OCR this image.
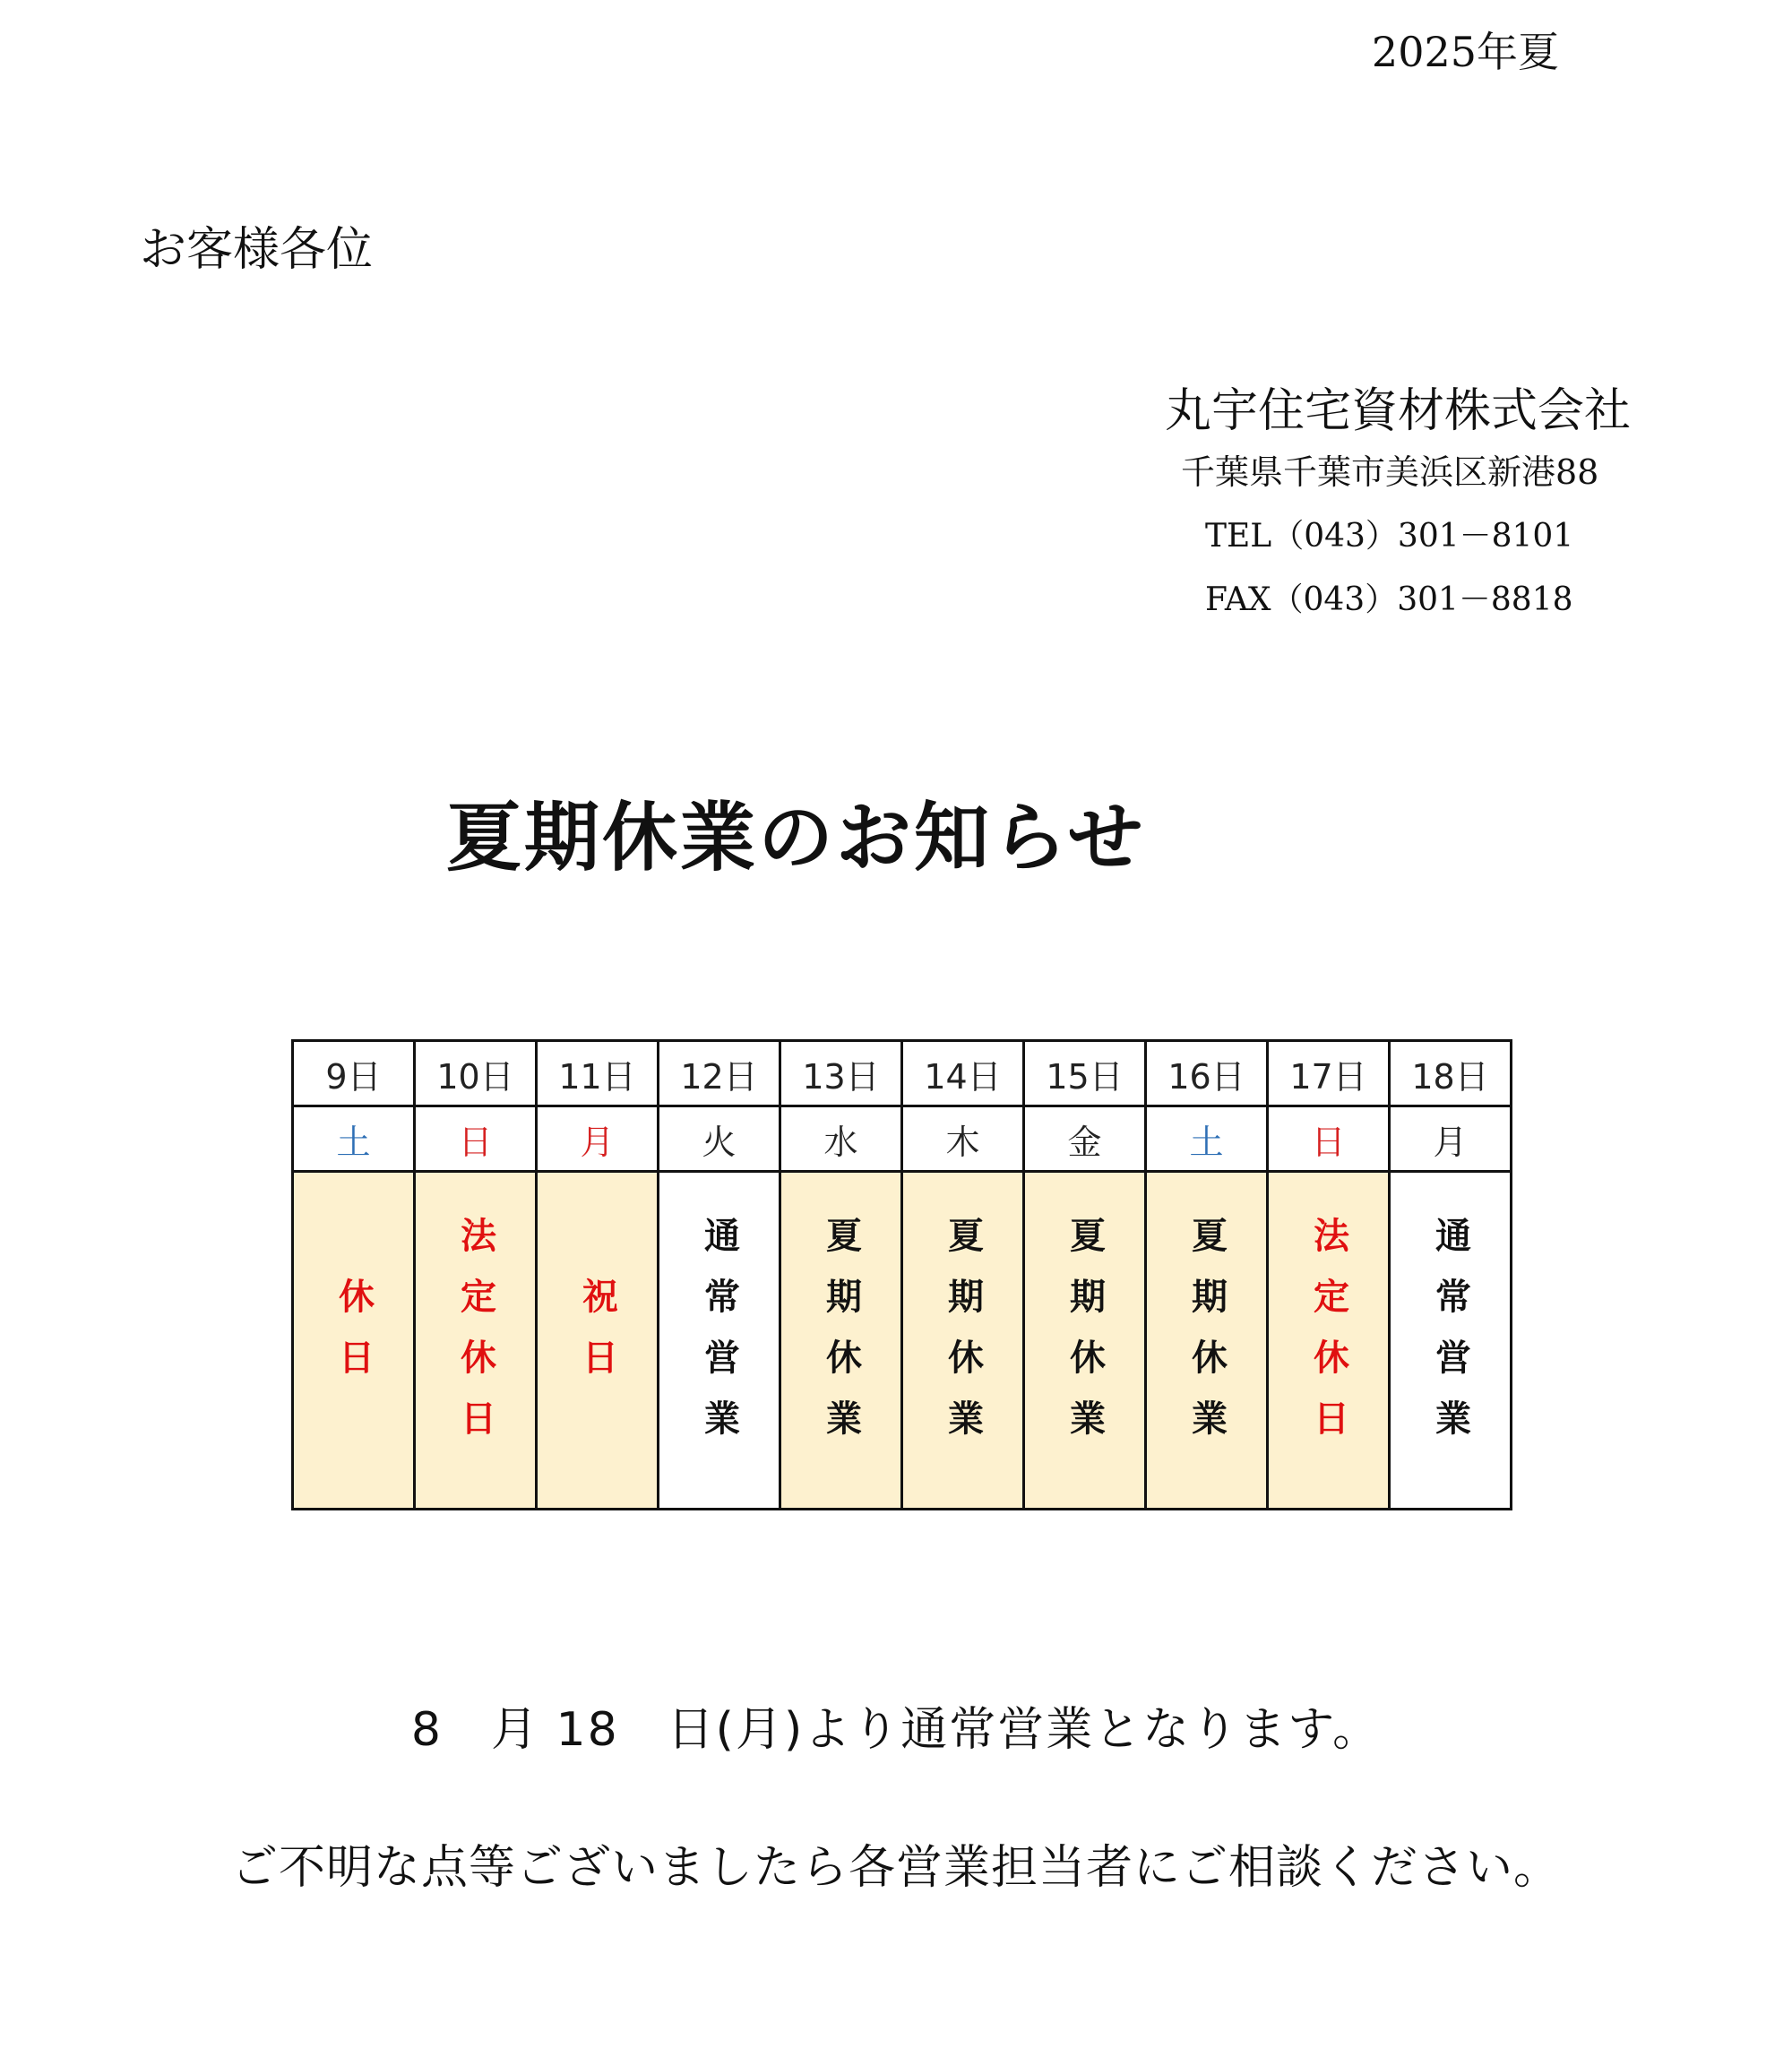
2025年夏
お客様各位
丸宇住宅資材株式会社
千葉県千葉市美浜区新港88
TEL（043）301－8101
FAX（043）301－8818
夏期休業のお知らせ
9日	10日	11日	12日	13日	14日	15日	16日	17日	18日
土	日	月	火	水	木	金	土	日	月
休日	法定休日	祝日	通常営業	夏期休業	夏期休業	夏期休業	夏期休業	法定休日	通常営業
8　月 18　日(月)より通常営業となります。
ご不明な点等ございましたら各営業担当者にご相談ください。
